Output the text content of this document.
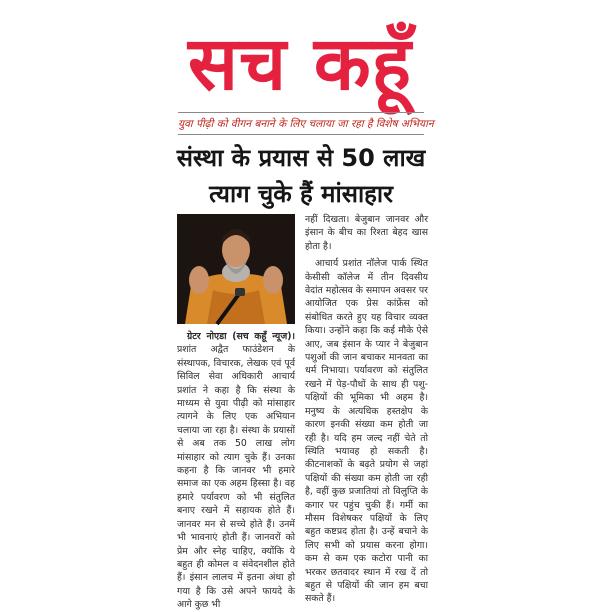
सच कहूँ
युवा पीढ़ी को वीगन बनाने के लिए चलाया जा रहा है विशेष अभियान
संस्था के प्रयास से 50 लाख त्याग चुके हैं मांसाहार

ग्रेटर नोएडा (सच कहूँ न्यूज)। प्रशांत अद्वैत फाउंडेशन के संस्थापक, विचारक, लेखक एवं पूर्व सिविल सेवा अधिकारी आचार्य प्रशांत ने कहा है कि संस्था के माध्यम से युवा पीढ़ी को मांसाहार त्यागने के लिए एक अभियान चलाया जा रहा है। संस्था के प्रयासों से अब तक 50 लाख लोग मांसाहार को त्याग चुके हैं। उनका कहना है कि जानवर भी हमारे समाज का एक अहम हिस्सा है। वह हमारे पर्यावरण को भी संतुलित बनाए रखने में सहायक होते हैं। जानवर मन से सच्चे होते हैं। उनमें भी भावनाएं होती हैं। जानवरों को प्रेम और स्नेह चाहिए, क्योंकि ये बहुत ही कोमल व संवेदनशील होते हैं। इंसान लालच में इतना अंधा हो गया है कि उसे अपने फायदे के आगे कुछ भी

नहीं दिखता। बेजुबान जानवर और इंसान के बीच का रिश्ता बेहद खास होता है।

आचार्य प्रशांत नॉलेज पार्क स्थित केसीसी कॉलेज में तीन दिवसीय वेदांत महोत्सव के समापन अवसर पर आयोजित एक प्रेस कांफ्रेंस को संबोधित करते हुए यह विचार व्यक्त किया। उन्होंने कहा कि कई मौके ऐसे आए, जब इंसान के प्यार ने बेजुबान पशुओं की जान बचाकर मानवता का धर्म निभाया। पर्यावरण को संतुलित रखने में पेड़-पौधों के साथ ही पशु-पक्षियों की भूमिका भी अहम है। मनुष्य के अत्यधिक हस्तक्षेप के कारण इनकी संख्या कम होती जा रही है। यदि हम जल्द नहीं चेते तो स्थिति भयावह हो सकती है। कीटनाशकों के बढ़ते प्रयोग से जहां पक्षियों की संख्या कम होती जा रही है, वहीं कुछ प्रजातियां तो विलुप्ति के कगार पर पहुंच चुकी हैं। गर्मी का मौसम विशेषकर पक्षियों के लिए बहुत कष्टप्रद होता है। उन्हें बचाने के लिए सभी को प्रयास करना होगा। कम से कम एक कटोरा पानी का भरकर छतवादर स्थान में रख दें तो बहुत से पक्षियों की जान हम बचा सकते हैं।
